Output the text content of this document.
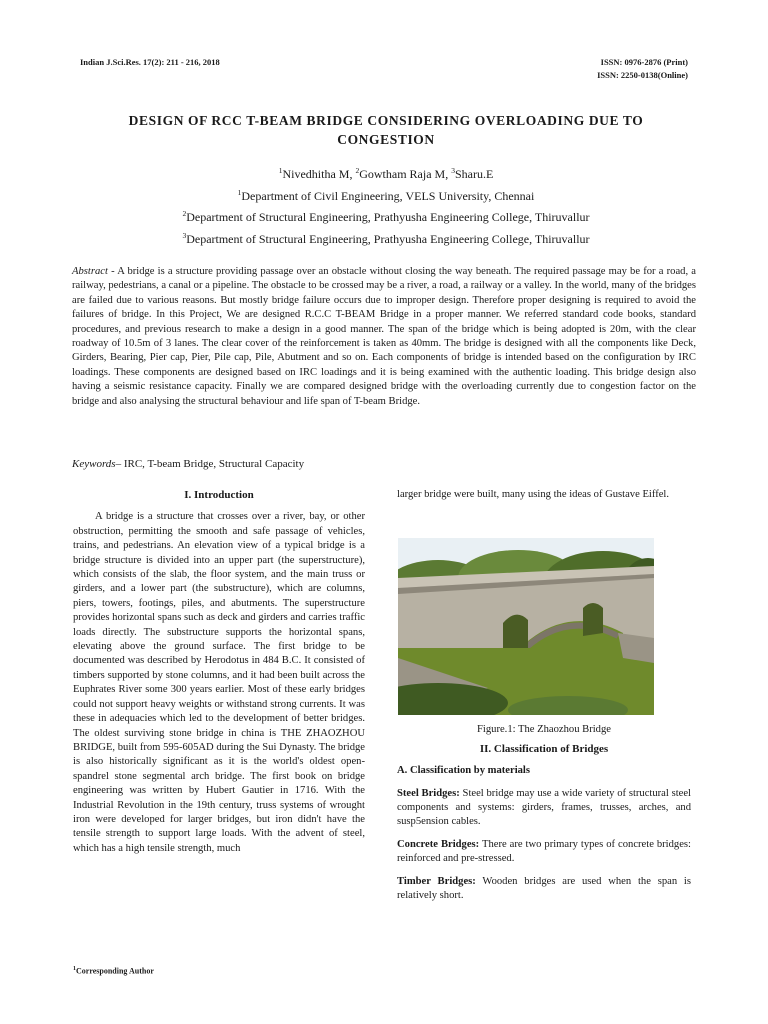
Indian J.Sci.Res. 17(2): 211 - 216, 2018	ISSN: 0976-2876 (Print)
ISSN: 2250-0138(Online)
DESIGN OF RCC T-BEAM BRIDGE CONSIDERING OVERLOADING DUE TO
CONGESTION
$^1$Nivedhitha M, $^2$Gowtham Raja M, $^3$Sharu.E
$^1$Department of Civil Engineering, VELS University, Chennai
$^2$Department of Structural Engineering, Prathyusha Engineering College, Thiruvallur
$^3$Department of Structural Engineering, Prathyusha Engineering College, Thiruvallur

Abstract - A bridge is a structure providing passage over an obstacle without closing the way beneath. The required passage may be for a road, a railway, pedestrians, a canal or a pipeline. The obstacle to be crossed may be a river, a road, a railway or a valley. In the world, many of the bridges are failed due to various reasons. But mostly bridge failure occurs due to improper design. Therefore proper designing is required to avoid the failures of bridge. In this Project, We are designed R.C.C T-BEAM Bridge in a proper manner. We referred standard code books, standard procedures, and previous research to make a design in a good manner. The span of the bridge which is being adopted is 20m, with the clear roadway of 10.5m of 3 lanes. The clear cover of the reinforcement is taken as 40mm. The bridge is designed with all the components like Deck, Girders, Bearing, Pier cap, Pier, Pile cap, Pile, Abutment and so on. Each components of bridge is intended based on the configuration by IRC loadings. These components are designed based on IRC loadings and it is being examined with the authentic loading. This bridge design also having a seismic resistance capacity. Finally we are compared designed bridge with the overloading currently due to congestion factor on the bridge and also analysing the structural behaviour and life span of T-beam Bridge.

Keywords– IRC, T-beam Bridge, Structural Capacity

I. Introduction

A bridge is a structure that crosses over a river, bay, or other obstruction, permitting the smooth and safe passage of vehicles, trains, and pedestrians. An elevation view of a typical bridge is a bridge structure is divided into an upper part (the superstructure), which consists of the slab, the floor system, and the main truss or girders, and a lower part (the substructure), which are columns, piers, towers, footings, piles, and abutments. The superstructure provides horizontal spans such as deck and girders and carries traffic loads directly. The substructure supports the horizontal spans, elevating above the ground surface. The first bridge to be documented was described by Herodotus in 484 B.C. It consisted of timbers supported by stone columns, and it had been built across the Euphrates River some 300 years earlier. Most of these early bridges could not support heavy weights or withstand strong currents. It was these in adequacies which led to the development of better bridges. The oldest surviving stone bridge in china is THE ZHAOZHOU BRIDGE, built from 595-605AD during the Sui Dynasty. The bridge is also historically significant as it is the world's oldest open-spandrel stone segmental arch bridge. The first book on bridge engineering was written by Hubert Gautier in 1716. With the Industrial Revolution in the 19th century, truss systems of wrought iron were developed for larger bridges, but iron didn't have the tensile strength to support large loads. With the advent of steel, which has a high tensile strength, much

larger bridge were built, many using the ideas of Gustave Eiffel.

Figure.1: The Zhaozhou Bridge
II. Classification of Bridges
A. Classification by materials

Steel Bridges: Steel bridge may use a wide variety of structural steel components and systems: girders, frames, trusses, arches, and susp5ension cables.

Concrete Bridges: There are two primary types of concrete bridges: reinforced and pre-stressed.

Timber Bridges: Wooden bridges are used when the span is relatively short.

$^1$Corresponding Author
